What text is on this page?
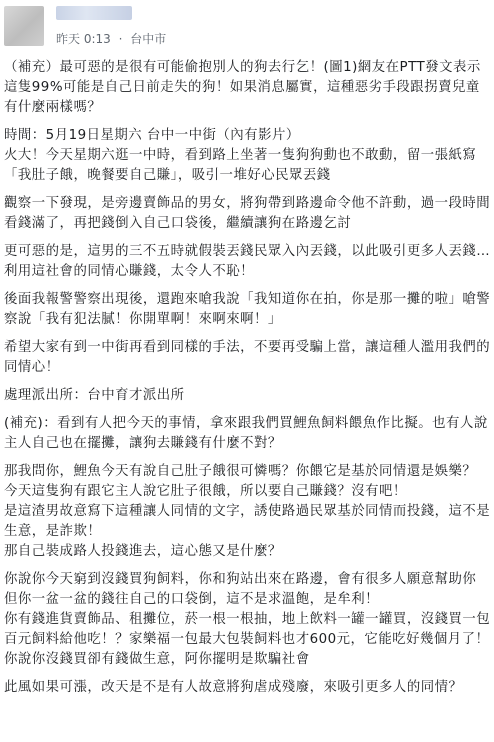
昨天 0:13 · 台中市

（補充）最可惡的是很有可能偷抱別人的狗去行乞！(圖1)網友在PTT發文表示這隻99%可能是自己日前走失的狗！如果消息屬實，這種惡劣手段跟拐賣兒童有什麼兩樣嗎？

時間：5月19日星期六 台中一中街（內有影片）
火大！今天星期六逛一中時，看到路上坐著一隻狗狗動也不敢動，留一張紙寫「我肚子餓，晚餐要自己賺」，吸引一堆好心民眾丟錢

觀察一下發現，是旁邊賣飾品的男女，將狗帶到路邊命令他不許動，過一段時間看錢滿了，再把錢倒入自己口袋後，繼續讓狗在路邊乞討

更可惡的是，這男的三不五時就假裝丟錢民眾入內丟錢，以此吸引更多人丟錢…利用這社會的同情心賺錢，太令人不恥！

後面我報警警察出現後，還跑來嗆我說「我知道你在拍，你是那一攤的啦」嗆警察說「我有犯法膩！你開單啊！來啊來啊！」

希望大家有到一中街再看到同樣的手法，不要再受騙上當，讓這種人濫用我們的同情心！

處理派出所：台中育才派出所

(補充)：看到有人把今天的事情，拿來跟我們買鯉魚飼料餵魚作比擬。也有人說主人自己也在擺攤，讓狗去賺錢有什麼不對？

那我問你，鯉魚今天有說自己肚子餓很可憐嗎？你餵它是基於同情還是娛樂？
今天這隻狗有跟它主人說它肚子很餓，所以要自己賺錢？沒有吧！
是這渣男故意寫下這種讓人同情的文字，誘使路過民眾基於同情而投錢，這不是生意，是詐欺！
那自己裝成路人投錢進去，這心態又是什麼？

你說你今天窮到沒錢買狗飼料，你和狗站出來在路邊，會有很多人願意幫助你
但你一盆一盆的錢往自己的口袋倒，這不是求溫飽，是牟利！
你有錢進貨賣飾品、租攤位，菸一根一根抽，地上飲料一罐一罐買，沒錢買一包百元飼料給他吃！？家樂福一包最大包裝飼料也才600元，它能吃好幾個月了！你說你沒錢買卻有錢做生意，阿你擺明是欺騙社會

此風如果可漲，改天是不是有人故意將狗虐成殘廢，來吸引更多人的同情？
